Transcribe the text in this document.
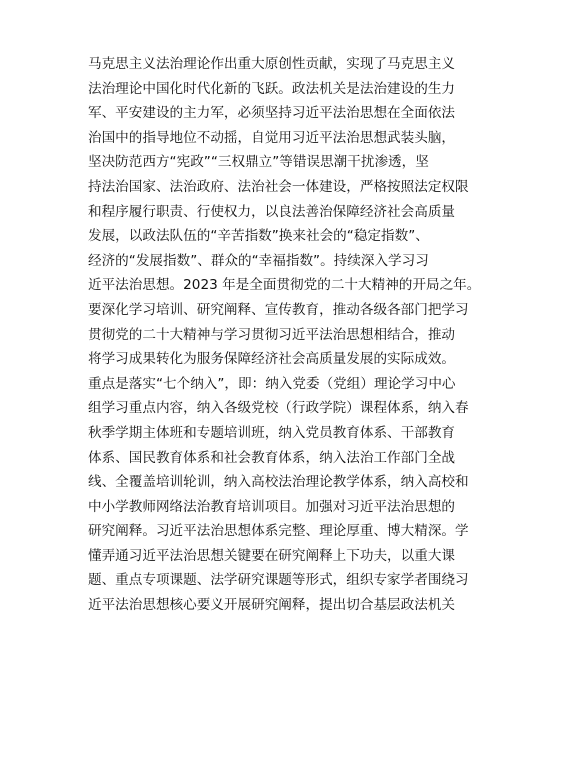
马克思主义法治理论作出重大原创性贡献，实现了马克思主义
法治理论中国化时代化新的飞跃。政法机关是法治建设的生力
军、平安建设的主力军，必须坚持习近平法治思想在全面依法
治国中的指导地位不动摇，自觉用习近平法治思想武装头脑，
坚决防范西方“宪政”“三权鼎立”等错误思潮干扰渗透，坚
持法治国家、法治政府、法治社会一体建设，严格按照法定权限
和程序履行职责、行使权力，以良法善治保障经济社会高质量
发展，以政法队伍的“辛苦指数”换来社会的“稳定指数”、
经济的“发展指数”、群众的“幸福指数”。持续深入学习习
近平法治思想。2023 年是全面贯彻党的二十大精神的开局之年。
要深化学习培训、研究阐释、宣传教育，推动各级各部门把学习
贯彻党的二十大精神与学习贯彻习近平法治思想相结合，推动
将学习成果转化为服务保障经济社会高质量发展的实际成效。
重点是落实“七个纳入”，即：纳入党委（党组）理论学习中心
组学习重点内容，纳入各级党校（行政学院）课程体系，纳入春
秋季学期主体班和专题培训班，纳入党员教育体系、干部教育
体系、国民教育体系和社会教育体系，纳入法治工作部门全战
线、全覆盖培训轮训，纳入高校法治理论教学体系，纳入高校和
中小学教师网络法治教育培训项目。加强对习近平法治思想的
研究阐释。习近平法治思想体系完整、理论厚重、博大精深。学
懂弄通习近平法治思想关键要在研究阐释上下功夫，以重大课
题、重点专项课题、法学研究课题等形式，组织专家学者围绕习
近平法治思想核心要义开展研究阐释，提出切合基层政法机关
